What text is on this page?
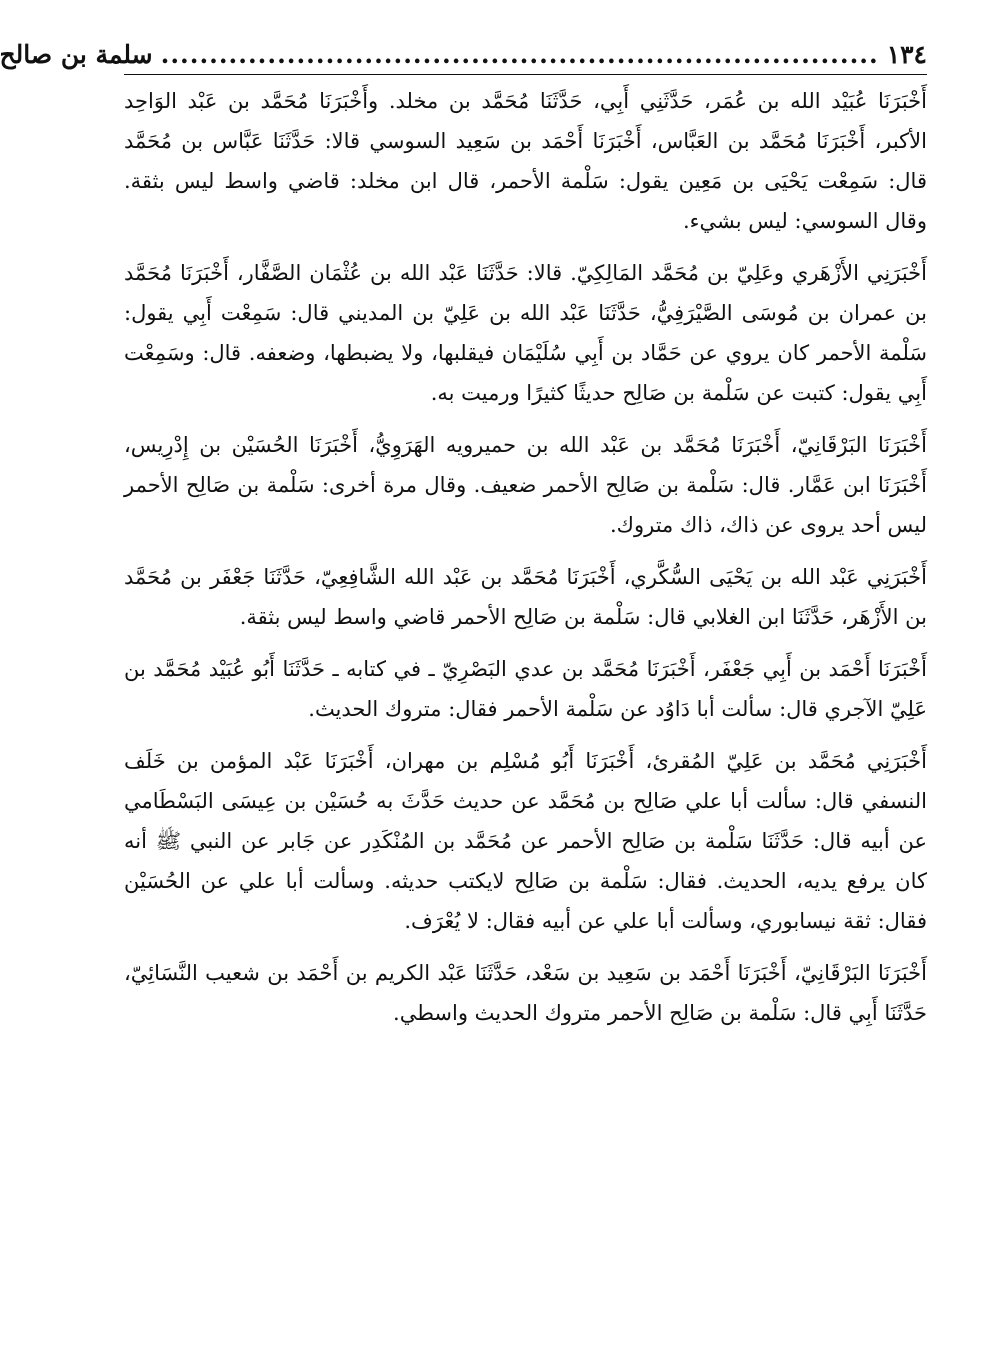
١٣٤
..........................................................................
سلمة بن صالح

أَخْبَرَنَا عُبَيْد الله بن عُمَر، حَدَّثَنِي أَبِي، حَدَّثَنَا مُحَمَّد بن مخلد. وأَخْبَرَنَا مُحَمَّد بن عَبْد الوَاحِد الأكبر، أَخْبَرَنَا مُحَمَّد بن العَبَّاس، أَخْبَرَنَا أَحْمَد بن سَعِيد السوسي قالا: حَدَّثَنَا عَبَّاس بن مُحَمَّد قال: سَمِعْت يَحْيَى بن مَعِين يقول: سَلْمة الأحمر، قال ابن مخلد: قاضي واسط ليس بثقة. وقال السوسي: ليس بشيء.

أَخْبَرَنِي الأَزْهَري وعَلِيّ بن مُحَمَّد المَالِكِيّ. قالا: حَدَّثَنَا عَبْد الله بن عُثْمَان الصَّفَّار، أَخْبَرَنَا مُحَمَّد بن عمران بن مُوسَى الصَّيْرَفِيُّ، حَدَّثَنَا عَبْد الله بن عَلِيّ بن المديني قال: سَمِعْت أَبِي يقول: سَلْمة الأحمر كان يروي عن حَمَّاد بن أَبِي سُلَيْمَان فيقلبها، ولا يضبطها، وضعفه. قال: وسَمِعْت أَبِي يقول: كتبت عن سَلْمة بن صَالِح حديثًا كثيرًا ورميت به.

أَخْبَرَنَا البَرْقَانِيّ، أَخْبَرَنَا مُحَمَّد بن عَبْد الله بن حميرويه الهَرَوِيُّ، أَخْبَرَنَا الحُسَيْن بن إِدْرِيس، أَخْبَرَنَا ابن عَمَّار. قال: سَلْمة بن صَالِح الأحمر ضعيف. وقال مرة أخرى: سَلْمة بن صَالِح الأحمر ليس أحد يروى عن ذاك، ذاك متروك.

أَخْبَرَنِي عَبْد الله بن يَحْيَى السُّكَّري، أَخْبَرَنَا مُحَمَّد بن عَبْد الله الشَّافِعِيّ، حَدَّثَنَا جَعْفَر بن مُحَمَّد بن الأَزْهَر، حَدَّثَنَا ابن الغلابي قال: سَلْمة بن صَالِح الأحمر قاضي واسط ليس بثقة.

أَخْبَرَنَا أَحْمَد بن أَبِي جَعْفَر، أَخْبَرَنَا مُحَمَّد بن عدي البَصْرِيّ ـ في كتابه ـ حَدَّثَنَا أَبُو عُبَيْد مُحَمَّد بن عَلِيّ الآجري قال: سألت أبا دَاوُد عن سَلْمة الأحمر فقال: متروك الحديث.

أَخْبَرَنِي مُحَمَّد بن عَلِيّ المُقرئ، أَخْبَرَنَا أَبُو مُسْلِم بن مهران، أَخْبَرَنَا عَبْد المؤمن بن خَلَف النسفي قال: سألت أبا علي صَالِح بن مُحَمَّد عن حديث حَدَّثَ به حُسَيْن بن عِيسَى البَسْطَامي عن أبيه قال: حَدَّثَنَا سَلْمة بن صَالِح الأحمر عن مُحَمَّد بن المُنْكَدِر عن جَابر عن النبي ﷺ أنه كان يرفع يديه، الحديث. فقال: سَلْمة بن صَالِح لايكتب حديثه. وسألت أبا علي عن الحُسَيْن فقال: ثقة نيسابوري، وسألت أبا علي عن أبيه فقال: لا يُعْرَف.

أَخْبَرَنَا البَرْقَانِيّ، أَخْبَرَنَا أَحْمَد بن سَعِيد بن سَعْد، حَدَّثَنَا عَبْد الكريم بن أَحْمَد بن شعيب النَّسَائِيّ، حَدَّثَنَا أَبِي قال: سَلْمة بن صَالِح الأحمر متروك الحديث واسطي.
